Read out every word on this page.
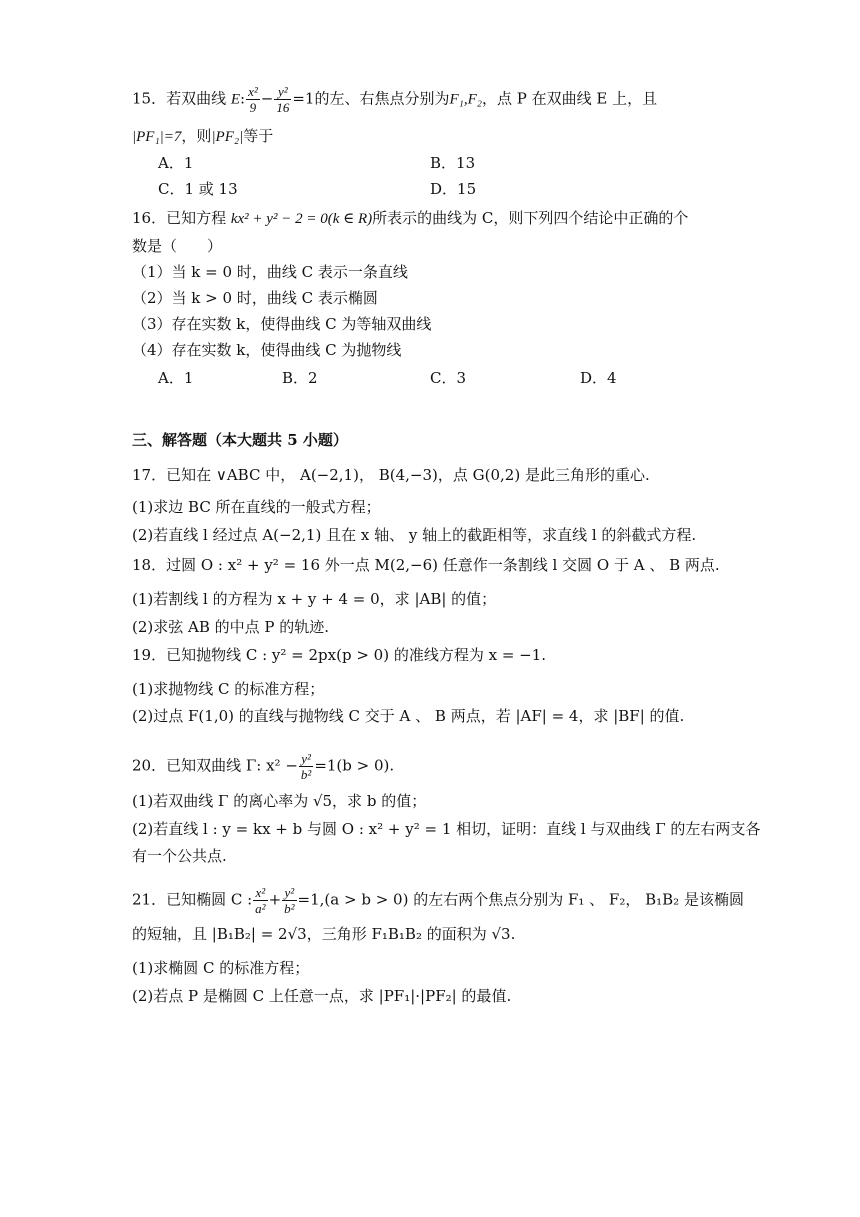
15．若双曲线 E: $\frac{\text{x²}}{9} - \frac{\text{y²}}{16} =1$的左、右焦点分别为F₁,F₂，点 P 在双曲线 E 上，且
|PF₁|=7，则|PF₂|等于
A．1	B．13
C．1 或 13	D．15
16．已知方程 kx² + y² − 2 = 0(k ∈ R)所表示的曲线为 C，则下列四个结论中正确的个
数是（　　）
（1）当 k = 0 时，曲线 C 表示一条直线
（2）当 k > 0 时，曲线 C 表示椭圆
（3）存在实数 k，使得曲线 C 为等轴双曲线
（4）存在实数 k，使得曲线 C 为抛物线
A．1	B．2	C．3	D．4
三、解答题（本大题共 5 小题）
17．已知在 ∨ABC 中， A(−2,1)， B(4,−3)，点 G(0,2) 是此三角形的重心.
(1)求边 BC 所在直线的一般式方程；
(2)若直线 l 经过点 A(−2,1) 且在 x 轴、 y 轴上的截距相等，求直线 l 的斜截式方程.
18．过圆 O : x² + y² = 16 外一点 M(2,−6) 任意作一条割线 l 交圆 O 于 A 、 B 两点.
(1)若割线 l 的方程为 x + y + 4 = 0，求 |AB| 的值；
(2)求弦 AB 的中点 P 的轨迹.
19．已知抛物线 C : y² = 2px(p > 0) 的准线方程为 x = −1.
(1)求抛物线 C 的标准方程；
(2)过点 F(1,0) 的直线与抛物线 C 交于 A 、 B 两点，若 |AF| = 4，求 |BF| 的值.
20．已知双曲线 Γ: $x^2 - \frac{\text{y²}}{\text{b²}} =1(b > 0)$.
(1)若双曲线 Γ 的离心率为 √5，求 b 的值；
(2)若直线 l : y = kx + b 与圆 O : x² + y² = 1 相切，证明：直线 l 与双曲线 Γ 的左右两支各
有一个公共点.
21．已知椭圆 C : $\frac{\text{x²}}{\text{a²}} + \frac{\text{y²}}{\text{b²}} =1,(a > b > 0)$ 的左右两个焦点分别为 F₁ 、 F₂， B₁B₂ 是该椭圆
的短轴，且 |B₁B₂| = 2√3，三角形 F₁B₁B₂ 的面积为 √3.
(1)求椭圆 C 的标准方程；
(2)若点 P 是椭圆 C 上任意一点，求 |PF₁|·|PF₂| 的最值.
